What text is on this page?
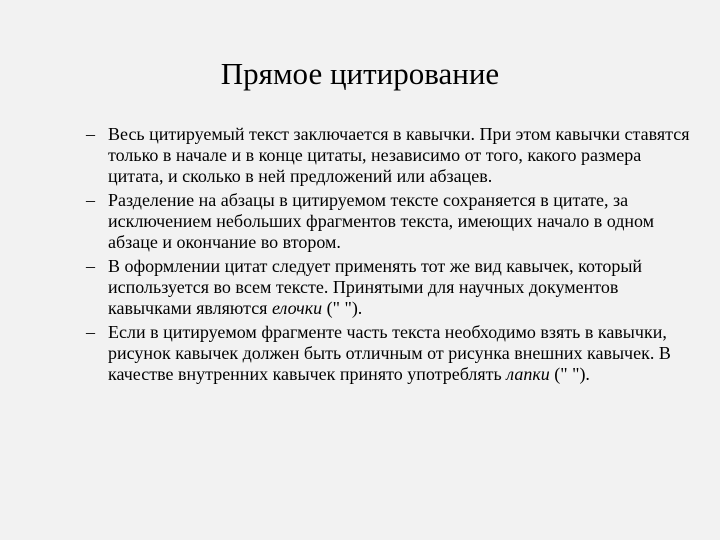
Прямое цитирование
– Весь цитируемый текст заключается в кавычки. При этом кавычки ставятся только в начале и в конце цитаты, независимо от того, какого размера цитата, и сколько в ней предложений или абзацев.
– Разделение на абзацы в цитируемом тексте сохраняется в цитате, за исключением небольших фрагментов текста, имеющих начало в одном абзаце и окончание во втором.
– В оформлении цитат следует применять тот же вид кавычек, который используется во всем тексте. Принятыми для научных документов кавычками являются елочки (" ").
– Если в цитируемом фрагменте часть текста необходимо взять в кавычки, рисунок кавычек должен быть отличным от рисунка внешних кавычек. В качестве внутренних кавычек принято употреблять лапки (" ").
